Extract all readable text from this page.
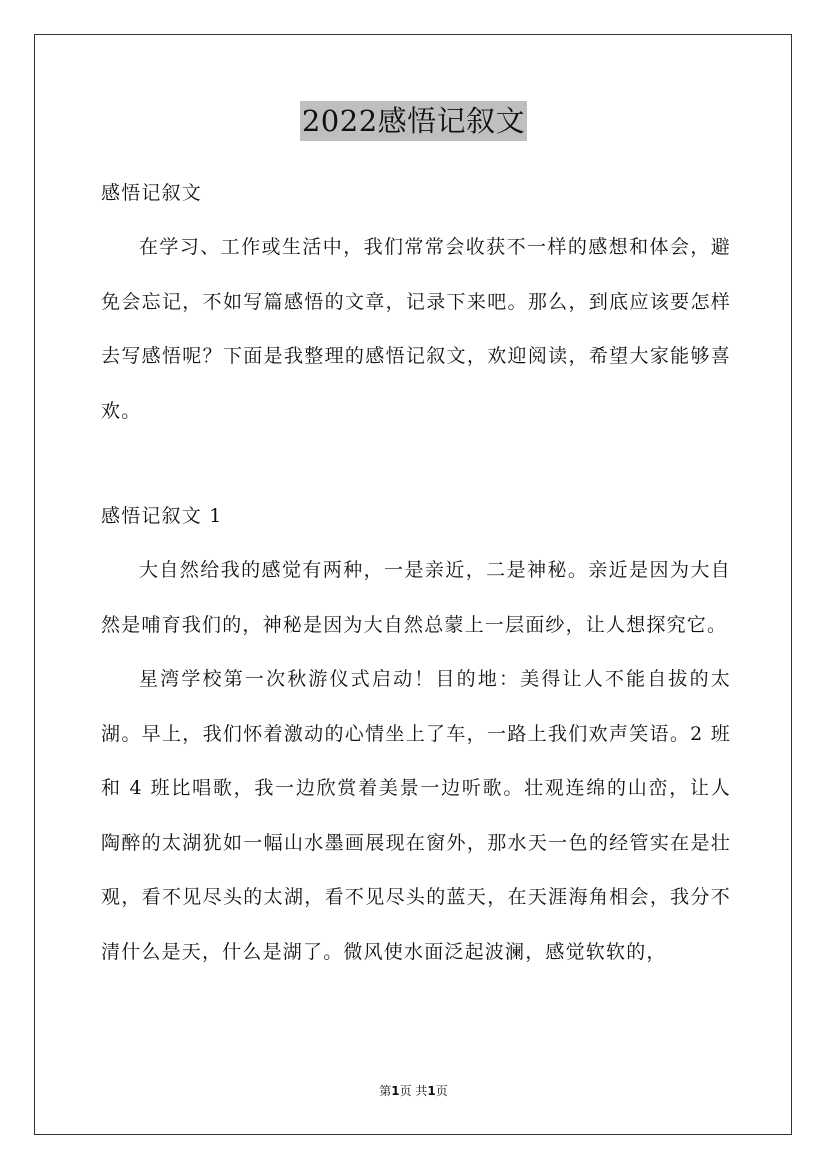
2022感悟记叙文

感悟记叙文

在学习、工作或生活中，我们常常会收获不一样的感想和体会，避免会忘记，不如写篇感悟的文章，记录下来吧。那么，到底应该要怎样去写感悟呢？下面是我整理的感悟记叙文，欢迎阅读，希望大家能够喜欢。

感悟记叙文 1

大自然给我的感觉有两种，一是亲近，二是神秘。亲近是因为大自然是哺育我们的，神秘是因为大自然总蒙上一层面纱，让人想探究它。

星湾学校第一次秋游仪式启动！目的地：美得让人不能自拔的太湖。早上，我们怀着激动的心情坐上了车，一路上我们欢声笑语。2 班和 4 班比唱歌，我一边欣赏着美景一边听歌。壮观连绵的山峦，让人陶醉的太湖犹如一幅山水墨画展现在窗外，那水天一色的经管实在是壮观，看不见尽头的太湖，看不见尽头的蓝天，在天涯海角相会，我分不清什么是天，什么是湖了。微风使水面泛起波澜，感觉软软的，

第1页 共1页
